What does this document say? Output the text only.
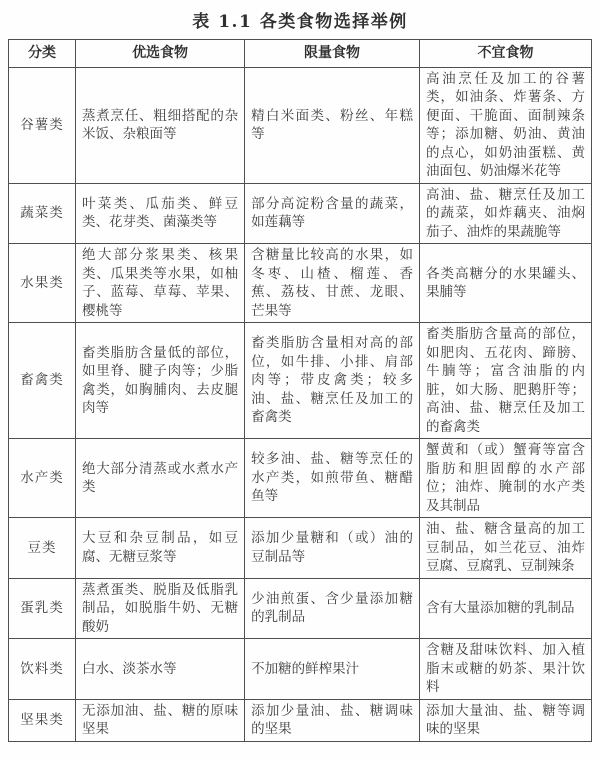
表 1.1 各类食物选择举例
分类	优选食物	限量食物	不宜食物
谷薯类	蒸煮烹任、粗细搭配的杂米饭、杂粮面等	精白米面类、粉丝、年糕等	高油烹任及加工的谷薯类，如油条、炸薯条、方便面、干脆面、面制辣条等；添加糖、奶油、黄油的点心，如奶油蛋糕、黄油面包、奶油爆米花等
蔬菜类	叶菜类、瓜茄类、鲜豆类、花芽类、菌藻类等	部分高淀粉含量的蔬菜，如莲藕等	高油、盐、糖烹任及加工的蔬菜，如炸藕夹、油焖茄子、油炸的果蔬脆等
水果类	绝大部分浆果类、核果类、瓜果类等水果，如柚子、蓝莓、草莓、苹果、樱桃等	含糖量比较高的水果，如冬枣、山楂、榴莲、香蕉、荔枝、甘蔗、龙眼、芒果等	各类高糖分的水果罐头、果脯等
畜禽类	畜类脂肪含量低的部位，如里脊、腱子肉等；少脂禽类，如胸脯肉、去皮腿肉等	畜类脂肪含量相对高的部位，如牛排、小排、肩部肉等；带皮禽类；较多油、盐、糖烹任及加工的畜禽类	畜类脂肪含量高的部位，如肥肉、五花肉、蹄膀、牛腩等；富含油脂的内脏，如大肠、肥鹅肝等；高油、盐、糖烹任及加工的畜禽类
水产类	绝大部分清蒸或水煮水产类	较多油、盐、糖等烹任的水产类，如煎带鱼、糖醋鱼等	蟹黄和（或）蟹膏等富含脂肪和胆固醇的水产部位；油炸、腌制的水产类及其制品
豆类	大豆和杂豆制品，如豆腐、无糖豆浆等	添加少量糖和（或）油的豆制品等	油、盐、糖含量高的加工豆制品，如兰花豆、油炸豆腐、豆腐乳、豆制辣条
蛋乳类	蒸煮蛋类、脱脂及低脂乳制品，如脱脂牛奶、无糖酸奶	少油煎蛋、含少量添加糖的乳制品	含有大量添加糖的乳制品
饮料类	白水、淡茶水等	不加糖的鲜榨果汁	含糖及甜味饮料、加入植脂末或糖的奶茶、果汁饮料
坚果类	无添加油、盐、糖的原味坚果	添加少量油、盐、糖调味的坚果	添加大量油、盐、糖等调味的坚果
